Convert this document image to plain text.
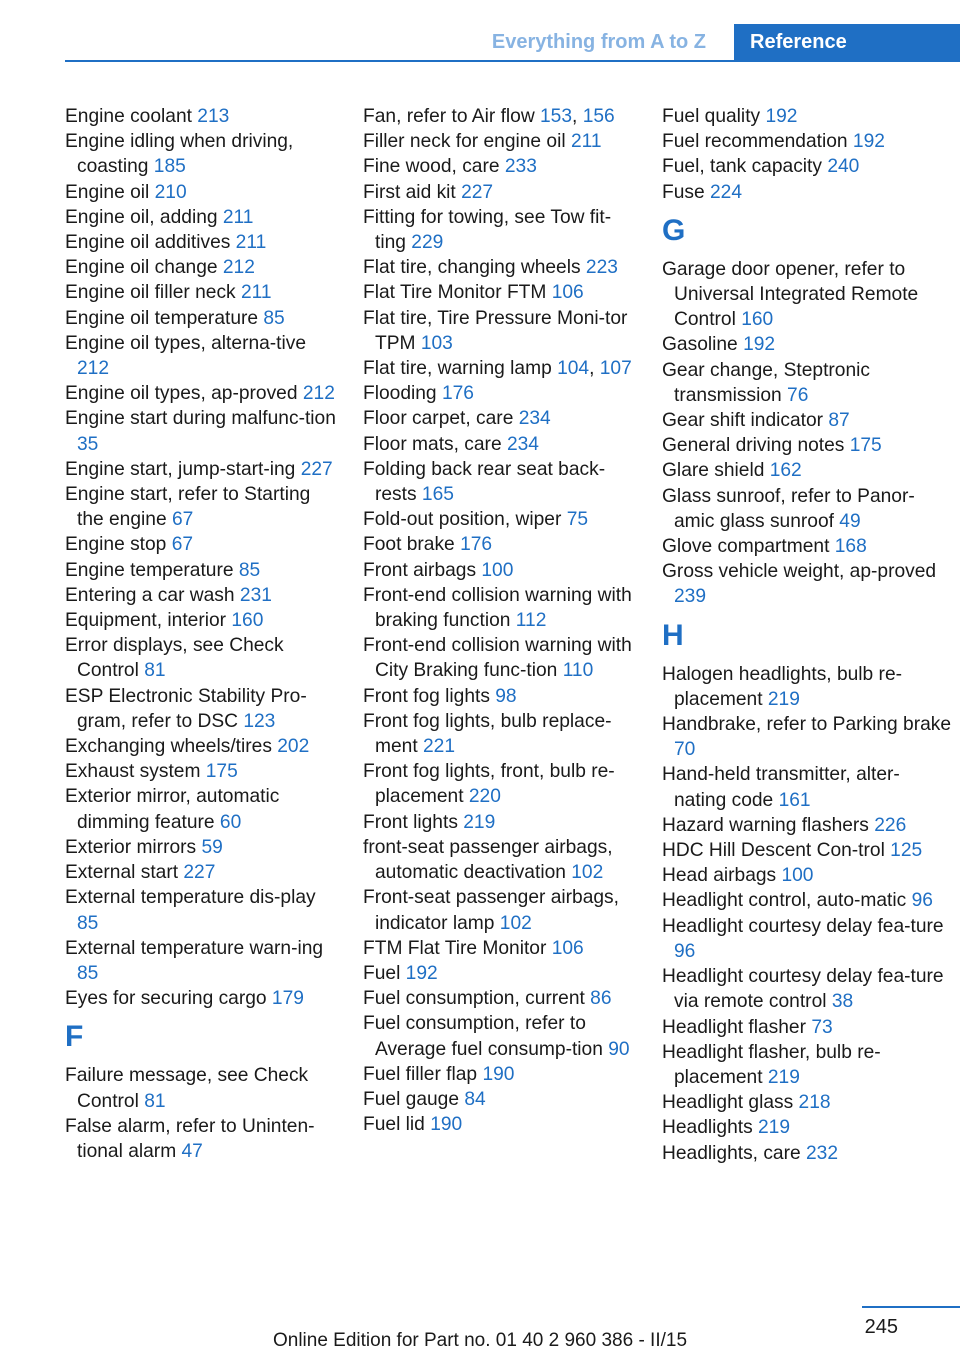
Everything from A to Z	Reference
Engine coolant 213
Engine idling when driving, coasting 185
Engine oil 210
Engine oil, adding 211
Engine oil additives 211
Engine oil change 212
Engine oil filler neck 211
Engine oil temperature 85
Engine oil types, alterna-tive 212
Engine oil types, ap-proved 212
Engine start during malfunc-tion 35
Engine start, jump-start-ing 227
Engine start, refer to Starting the engine 67
Engine stop 67
Engine temperature 85
Entering a car wash 231
Equipment, interior 160
Error displays, see Check Control 81
ESP Electronic Stability Pro-gram, refer to DSC 123
Exchanging wheels/tires 202
Exhaust system 175
Exterior mirror, automatic dimming feature 60
Exterior mirrors 59
External start 227
External temperature dis-play 85
External temperature warn-ing 85
Eyes for securing cargo 179
F
Failure message, see Check Control 81
False alarm, refer to Uninten-tional alarm 47
Fan, refer to Air flow 153, 156
Filler neck for engine oil 211
Fine wood, care 233
First aid kit 227
Fitting for towing, see Tow fit-ting 229
Flat tire, changing wheels 223
Flat Tire Monitor FTM 106
Flat tire, Tire Pressure Moni-tor TPM 103
Flat tire, warning lamp 104, 107
Flooding 176
Floor carpet, care 234
Floor mats, care 234
Folding back rear seat back-rests 165
Fold-out position, wiper 75
Foot brake 176
Front airbags 100
Front-end collision warning with braking function 112
Front-end collision warning with City Braking func-tion 110
Front fog lights 98
Front fog lights, bulb replace-ment 221
Front fog lights, front, bulb re-placement 220
Front lights 219
front-seat passenger airbags, automatic deactivation 102
Front-seat passenger airbags, indicator lamp 102
FTM Flat Tire Monitor 106
Fuel 192
Fuel consumption, current 86
Fuel consumption, refer to Average fuel consump-tion 90
Fuel filler flap 190
Fuel gauge 84
Fuel lid 190
Fuel quality 192
Fuel recommendation 192
Fuel, tank capacity 240
Fuse 224
G
Garage door opener, refer to Universal Integrated Remote Control 160
Gasoline 192
Gear change, Steptronic transmission 76
Gear shift indicator 87
General driving notes 175
Glare shield 162
Glass sunroof, refer to Panor-amic glass sunroof 49
Glove compartment 168
Gross vehicle weight, ap-proved 239
H
Halogen headlights, bulb re-placement 219
Handbrake, refer to Parking brake 70
Hand-held transmitter, alter-nating code 161
Hazard warning flashers 226
HDC Hill Descent Con-trol 125
Head airbags 100
Headlight control, auto-matic 96
Headlight courtesy delay fea-ture 96
Headlight courtesy delay fea-ture via remote control 38
Headlight flasher 73
Headlight flasher, bulb re-placement 219
Headlight glass 218
Headlights 219
Headlights, care 232
245
Online Edition for Part no. 01 40 2 960 386 - II/15
